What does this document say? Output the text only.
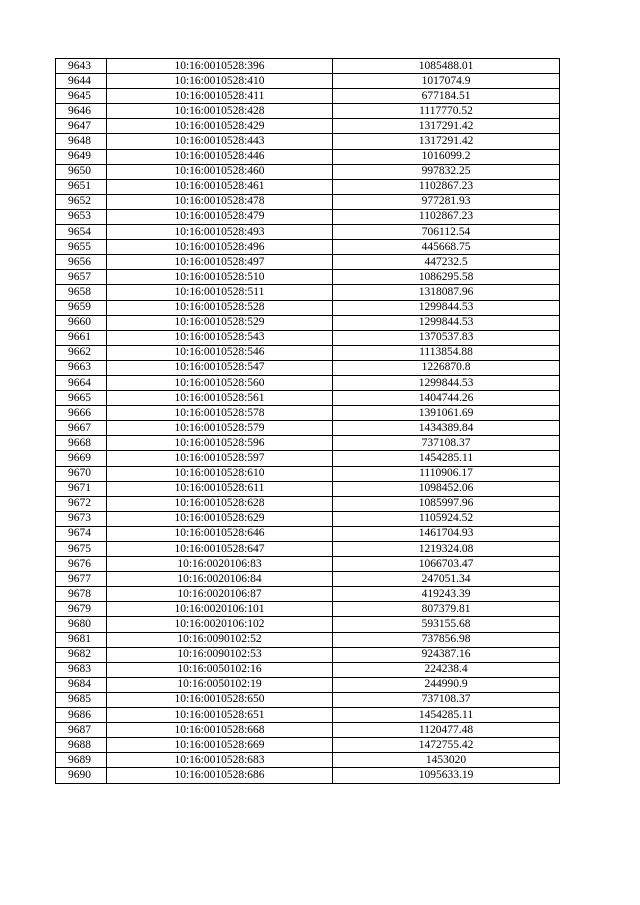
9643	10:16:0010528:396	1085488.01
9644	10:16:0010528:410	1017074.9
9645	10:16:0010528:411	677184.51
9646	10:16:0010528:428	1117770.52
9647	10:16:0010528:429	1317291.42
9648	10:16:0010528:443	1317291.42
9649	10:16:0010528:446	1016099.2
9650	10:16:0010528:460	997832.25
9651	10:16:0010528:461	1102867.23
9652	10:16:0010528:478	977281.93
9653	10:16:0010528:479	1102867.23
9654	10:16:0010528:493	706112.54
9655	10:16:0010528:496	445668.75
9656	10:16:0010528:497	447232.5
9657	10:16:0010528:510	1086295.58
9658	10:16:0010528:511	1318087.96
9659	10:16:0010528:528	1299844.53
9660	10:16:0010528:529	1299844.53
9661	10:16:0010528:543	1370537.83
9662	10:16:0010528:546	1113854.88
9663	10:16:0010528:547	1226870.8
9664	10:16:0010528:560	1299844.53
9665	10:16:0010528:561	1404744.26
9666	10:16:0010528:578	1391061.69
9667	10:16:0010528:579	1434389.84
9668	10:16:0010528:596	737108.37
9669	10:16:0010528:597	1454285.11
9670	10:16:0010528:610	1110906.17
9671	10:16:0010528:611	1098452.06
9672	10:16:0010528:628	1085997.96
9673	10:16:0010528:629	1105924.52
9674	10:16:0010528:646	1461704.93
9675	10:16:0010528:647	1219324.08
9676	10:16:0020106:83	1066703.47
9677	10:16:0020106:84	247051.34
9678	10:16:0020106:87	419243.39
9679	10:16:0020106:101	807379.81
9680	10:16:0020106:102	593155.68
9681	10:16:0090102:52	737856.98
9682	10:16:0090102:53	924387.16
9683	10:16:0050102:16	224238.4
9684	10:16:0050102:19	244990.9
9685	10:16:0010528:650	737108.37
9686	10:16:0010528:651	1454285.11
9687	10:16:0010528:668	1120477.48
9688	10:16:0010528:669	1472755.42
9689	10:16:0010528:683	1453020
9690	10:16:0010528:686	1095633.19
